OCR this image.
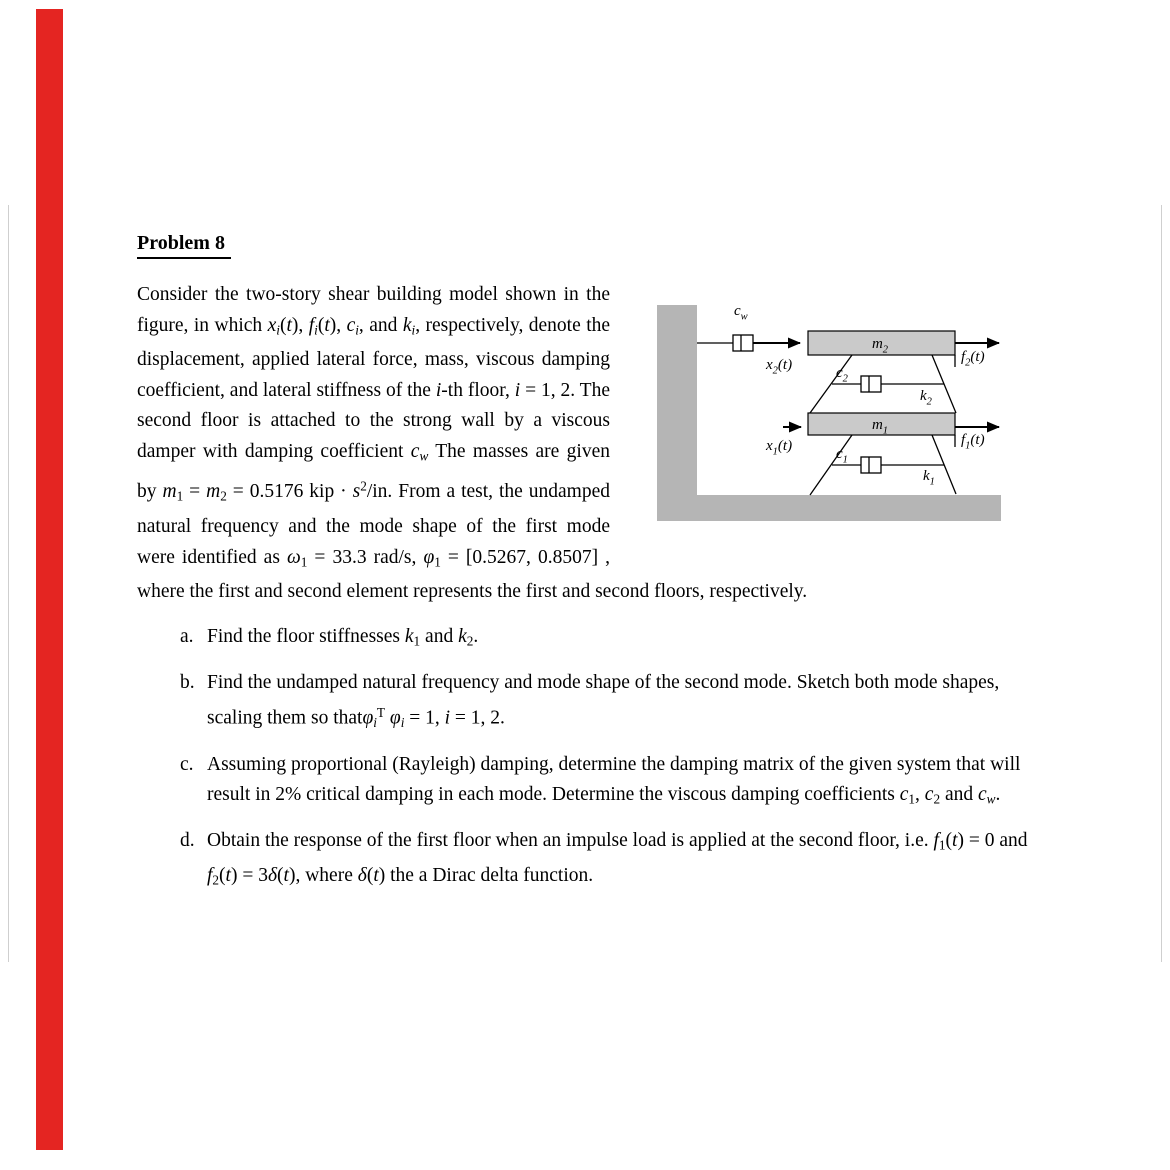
Problem 8
$c_w$
$m_2$
$m_1$
$f_2(t)$
$f_1(t)$
$x_2(t)$
$x_1(t)$
$c_2$
$k_2$
$c_1$
$k_1$
Consider the two-story shear building model shown in the figure, in which xi(t), fi(t), ci, and ki, respectively, denote the displacement, applied lateral force, mass, viscous damping coefficient, and lateral stiffness of the i-th floor, i = 1, 2. The second floor is attached to the strong wall by a viscous damper with damping coefficient cw The masses are given by m1 = m2 = 0.5176 kip · $s^2/in$. From a test, the undamped natural frequency and the mode shape of the first mode were identified as ω1 = 33.3 rad/s, φ1 = [0.5267, 0.8507] , where the first and second element represents the first and second floors, respectively.
a. Find the floor stiffnesses k1 and k2.
b. Find the undamped natural frequency and mode shape of the second mode. Sketch both mode shapes, scaling them so thatφi$^T$ φi = 1, i = 1, 2.
c. Assuming proportional (Rayleigh) damping, determine the damping matrix of the given system that will result in 2% critical damping in each mode. Determine the viscous damping coefficients c1, c2 and cw.
d. Obtain the response of the first floor when an impulse load is applied at the second floor, i.e. f1(t) = 0 and f2(t) = 3δ(t), where δ(t) the a Dirac delta function.
